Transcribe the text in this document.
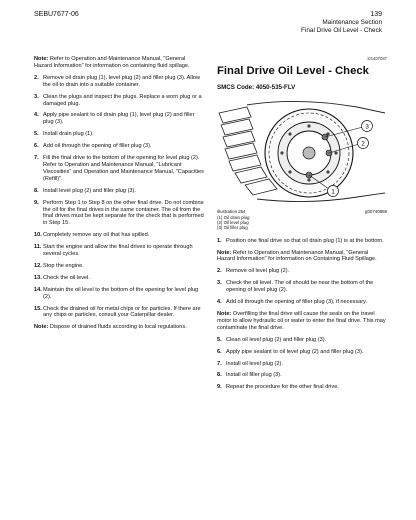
SEBU7677-06	139
Maintenance Section
Final Drive Oil Level - Check

Note: Refer to Operation and Maintenance Manual, "General Hazard Information" for information on containing fluid spillage.

2. Remove oil drain plug (1), level plug (2) and filler plug (3). Allow the oil to drain into a suitable container.
3. Clean the plugs and inspect the plugs. Replace a worn plug or a damaged plug.
4. Apply pipe sealant to oil drain plug (1), level plug (2) and filler plug (3).
5. Install drain plug (1).
6. Add oil through the opening of filler plug (3).
7. Fill the final drive to the bottom of the opening for level plug (2). Refer to Operation and Maintenance Manual, "Lubricant Viscosities" and Operation and Maintenance Manual, "Capacities (Refill)".
8. Install level plug (2) and filler plug (3).
9. Perform Step 1 to Step 8 on the other final drive. Do not combine the oil for the final drives in the same container. The oil from the final drives must be kept separate for the check that is performed in Step 15.
10. Completely remove any oil that has spilled.
11. Start the engine and allow the final drives to operate through several cycles.
12. Stop the engine.
13. Check the oil level.
14. Maintain the oil level to the bottom of the opening for level plug (2).
15. Check the drained oil for metal chips or for particles. If there are any chips or particles, consult your Caterpillar dealer.

Note: Dispose of drained fluids according to local regulations.

i01407087
Final Drive Oil Level - Check
SMCS Code: 4050-535-FLV
1
2
3
Illustration 254	g00740859
(1) Oil drain plug
(2) Oil level plug
(3) Oil filler plug
1. Position one final drive so that oil drain plug (1) is at the bottom.

Note: Refer to Operation and Maintenance Manual, "General Hazard Information" for information on Containing Fluid Spillage.

2. Remove oil level plug (2).
3. Check the oil level. The oil should be near the bottom of the opening of level plug (2).
4. Add oil through the opening of filler plug (3), if necessary.

Note: Overfilling the final drive will cause the seals on the travel motor to allow hydraulic oil or water to enter the final drive. This may contaminate the final drive.

5. Clean oil level plug (2) and filler plug (3).
6. Apply pipe sealant to oil level plug (2) and filler plug (3).
7. Install oil level plug (2).
8. Install oil filler plug (3).
9. Repeat the procedure for the other final drive.
